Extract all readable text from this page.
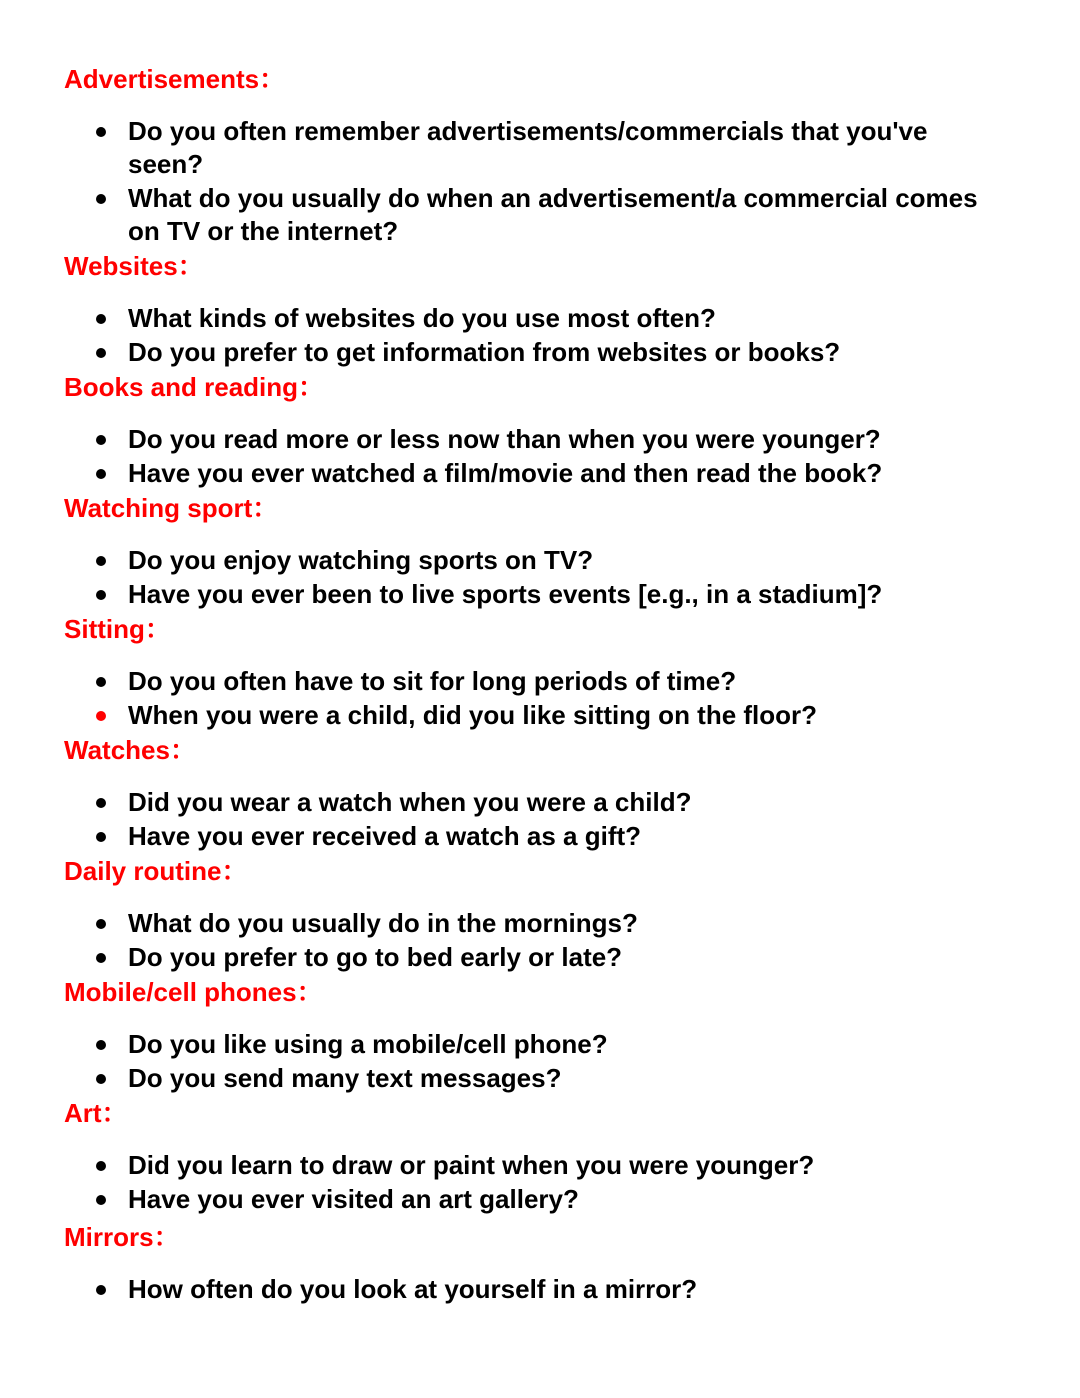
Advertisements：
Do you often remember advertisements/commercials that you've seen?
What do you usually do when an advertisement/a commercial comes on TV or the internet?
Websites：
What kinds of websites do you use most often?
Do you prefer to get information from websites or books?
Books and reading：
Do you read more or less now than when you were younger?
Have you ever watched a film/movie and then read the book?
Watching sport：
Do you enjoy watching sports on TV?
Have you ever been to live sports events [e.g., in a stadium]?
Sitting：
Do you often have to sit for long periods of time?
When you were a child, did you like sitting on the floor?
Watches：
Did you wear a watch when you were a child?
Have you ever received a watch as a gift?
Daily routine：
What do you usually do in the mornings?
Do you prefer to go to bed early or late?
Mobile/cell phones：
Do you like using a mobile/cell phone?
Do you send many text messages?
Art：
Did you learn to draw or paint when you were younger?
Have you ever visited an art gallery?
Mirrors：
How often do you look at yourself in a mirror?
